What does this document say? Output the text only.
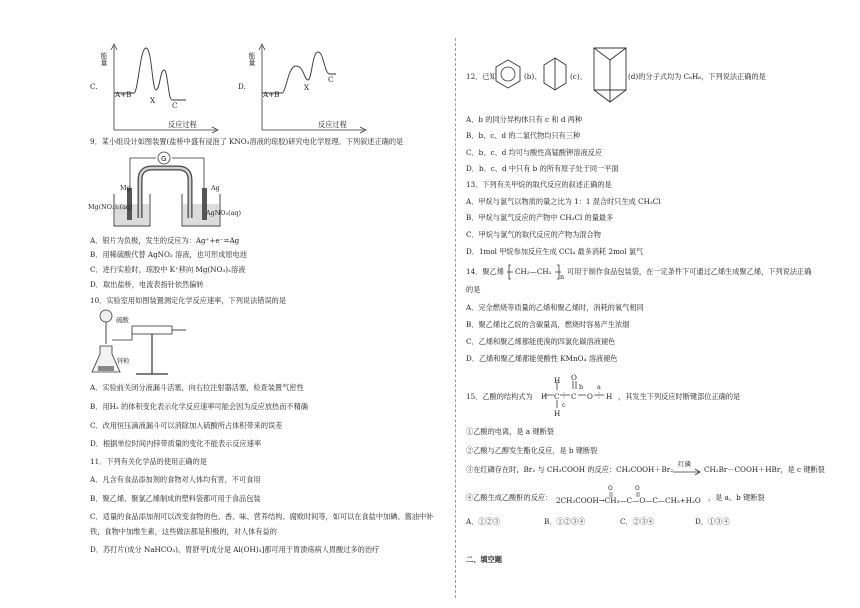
C.
能量
A+B
X
C
反应过程
D.
能量
A+B
X
C
反应过程
9．某小组设计如图装置(盐桥中盛有浸泡了 KNO₃溶液的琼胶)研究电化学原理。下列叙述正确的是
G
Mg	Ag
Mg(NO₃)₂(aq)
AgNO₃(aq)
A．银片为负极，发生的反应为：Ag⁺+e⁻=Ag
B．用稀硫酸代替 AgNO₃ 溶液，也可形成原电池
C．进行实验时，琼胶中 K⁺移向 Mg(NO₃)₂溶液
D．取出盐桥，电流表指针依然偏转
10．实验室用如图装置测定化学反应速率，下列说法错误的是
硫酸
锌粒
A．实验前关闭分液漏斗活塞，向右拉注射器活塞，检查装置气密性
B．用H₂ 的体积变化表示化学反应速率可能会因为反应放热而不精确
C．改用恒压滴液漏斗可以消除加入硫酸所占体积带来的误差
D．根据单位时间内锌带质量的变化不能表示反应速率
11．下列有关化学品的使用正确的是
A．凡含有食品添加剂的食物对人体均有害，不可食用
B．聚乙烯、聚氯乙烯制成的塑料袋都可用于食品包装
C．适量的食品添加剂可以改变食物的色、香、味、营养结构、腐败时间等，如可以在食盐中加碘、酱油中补
铁，食物中加维生素，这些做法都是积极的，对人体有益的
D．苏打片(成分 NaHCO₃)，胃舒平[成分是 Al(OH)₃]都可用于胃溃疡病人胃酸过多的治疗
12．已知	(b)、	(c)、	(d)的分子式均为 C₆H₆，下列说法正确的是
A．b 的同分异构体只有 c 和 d 两种
B．b、c、d 的二氯代物均只有三种
C．b、c、d 均可与酸性高锰酸钾溶液反应
D．b、c、d 中只有 b 的所有原子处于同一平面
13．下列有关甲烷的取代反应的叙述正确的是
A．甲烷与氯气以物质的量之比为 1：1 混合时只生成 CH₃Cl
B．甲烷与氯气反应的产物中 CH₃Cl 的量最多
C．甲烷与氯气的取代反应的产物为混合物
D．1mol 甲烷参加反应生成 CCl₄ 最多消耗 2mol 氯气
14．聚乙烯 CH₂—CH₂
n
可用于制作食品包装袋，在一定条件下可通过乙烯生成聚乙烯，下列说法正确
的是
A．完全燃烧等质量的乙烯和聚乙烯时，消耗的氧气相同
B．聚乙烯比乙烷的含碳量高，燃烧时容易产生浓烟
C．乙烯和聚乙烯都能使溴的四氯化碳溶液褪色
D．乙烯和聚乙烯都能使酸性 KMnO₄ 溶液褪色
15．乙酸的结构式为 H C
H
H
C
O
O H
a
b
c
，其发生下列反应时断键部位正确的是
①乙酸的电离，是 a 键断裂
②乙酸与乙醇发生酯化反应，是 b 键断裂
③在红磷存在时，Br₂ 与 CH₃COOH 的反应：CH₃COOH＋Br₂
红磷
CH₂Br－COOH＋HBr，是 c 键断裂
④乙酸生成乙酸酐的反应：
O	O
2CH₃COOH→CH₃—C—O—C—CH₃+H₂O ，是 a、b 键断裂
A．①②③	B．①②③④	C．②③④	D．①③④
二、填空题
